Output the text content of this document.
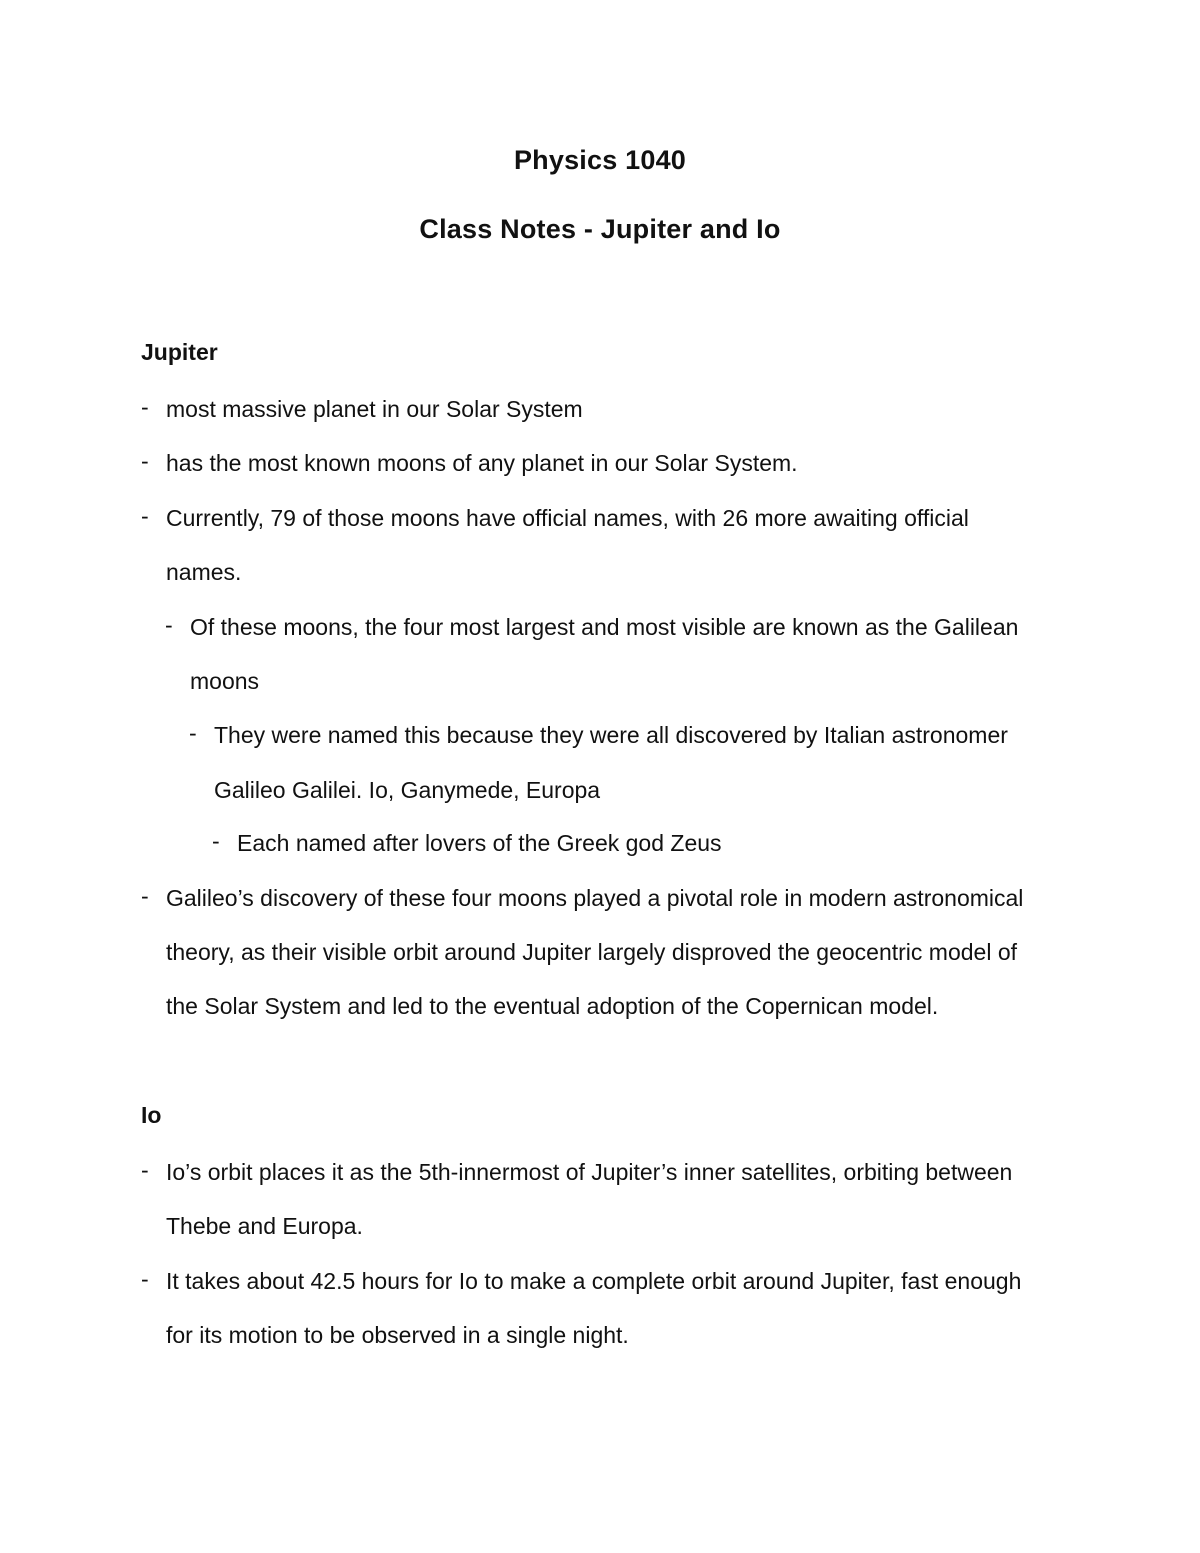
Physics 1040
Class Notes - Jupiter and Io
Jupiter
- most massive planet in our Solar System
- has the most known moons of any planet in our Solar System.
- Currently, 79 of those moons have official names, with 26 more awaiting official
names.
- Of these moons, the four most largest and most visible are known as the Galilean
moons
- They were named this because they were all discovered by Italian astronomer
Galileo Galilei. Io, Ganymede, Europa
- Each named after lovers of the Greek god Zeus
- Galileo’s discovery of these four moons played a pivotal role in modern astronomical
theory, as their visible orbit around Jupiter largely disproved the geocentric model of
the Solar System and led to the eventual adoption of the Copernican model.
Io
- Io’s orbit places it as the 5th-innermost of Jupiter’s inner satellites, orbiting between
Thebe and Europa.
- It takes about 42.5 hours for Io to make a complete orbit around Jupiter, fast enough
for its motion to be observed in a single night.
